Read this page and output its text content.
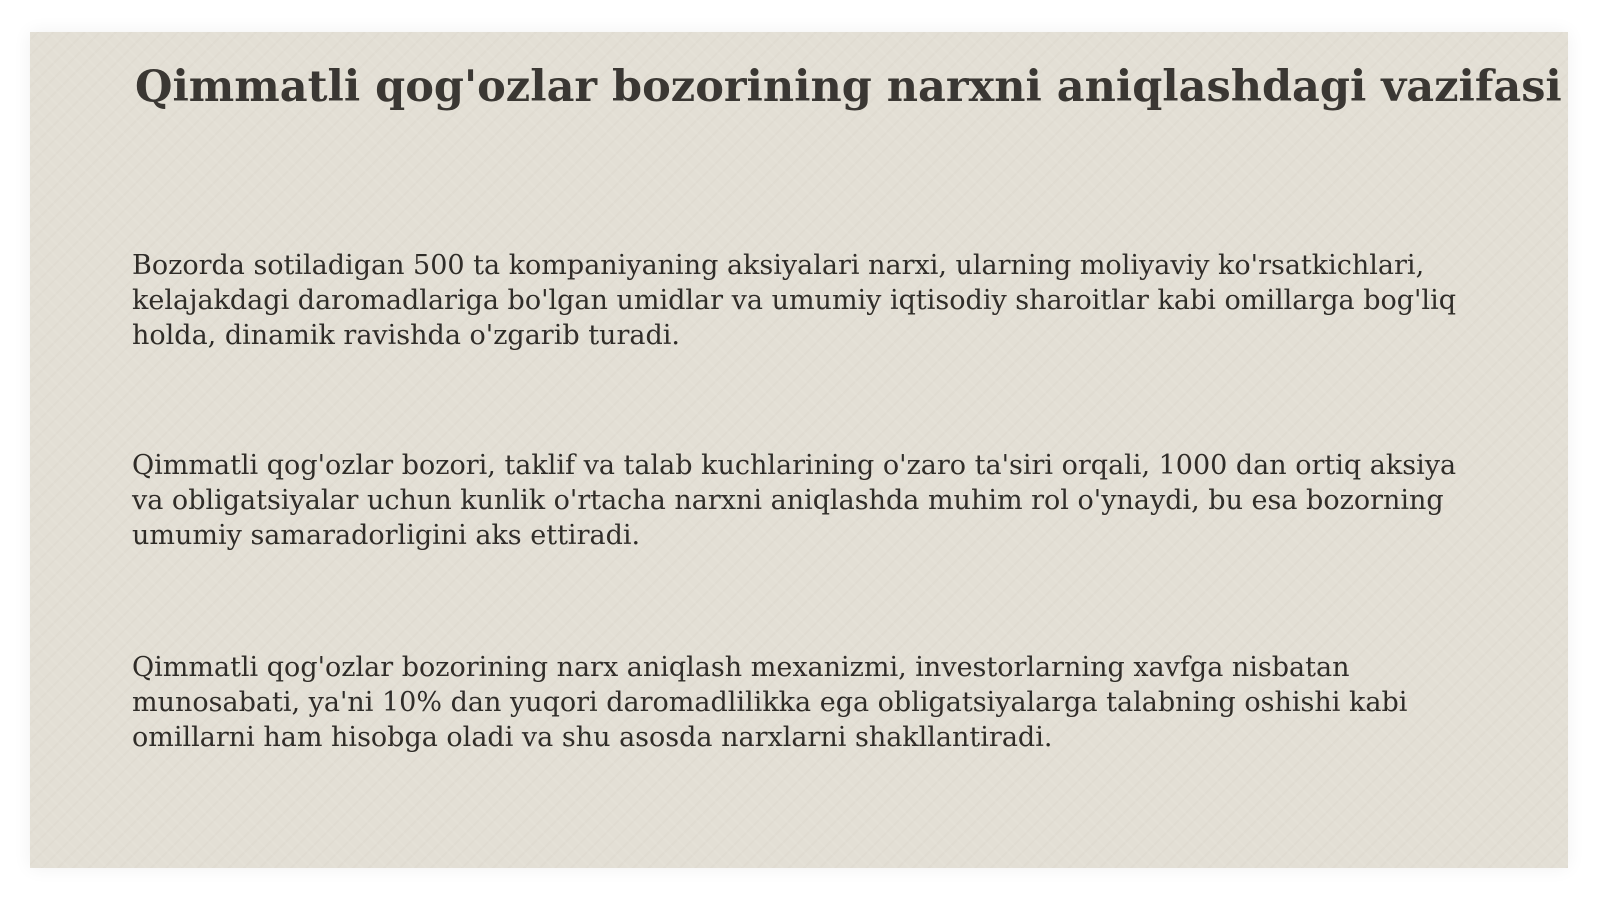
Qimmatli qog'ozlar bozorining narxni aniqlashdagi vazifasi

Bozorda sotiladigan 500 ta kompaniyaning aksiyalari narxi, ularning moliyaviy ko'rsatkichlari, kelajakdagi daromadlariga bo'lgan umidlar va umumiy iqtisodiy sharoitlar kabi omillarga bog'liq holda, dinamik ravishda o'zgarib turadi.

Qimmatli qog'ozlar bozori, taklif va talab kuchlarining o'zaro ta'siri orqali, 1000 dan ortiq aksiya va obligatsiyalar uchun kunlik o'rtacha narxni aniqlashda muhim rol o'ynaydi, bu esa bozorning umumiy samaradorligini aks ettiradi.

Qimmatli qog'ozlar bozorining narx aniqlash mexanizmi, investorlarning xavfga nisbatan munosabati, ya'ni 10% dan yuqori daromadlilikka ega obligatsiyalarga talabning oshishi kabi omillarni ham hisobga oladi va shu asosda narxlarni shakllantiradi.
